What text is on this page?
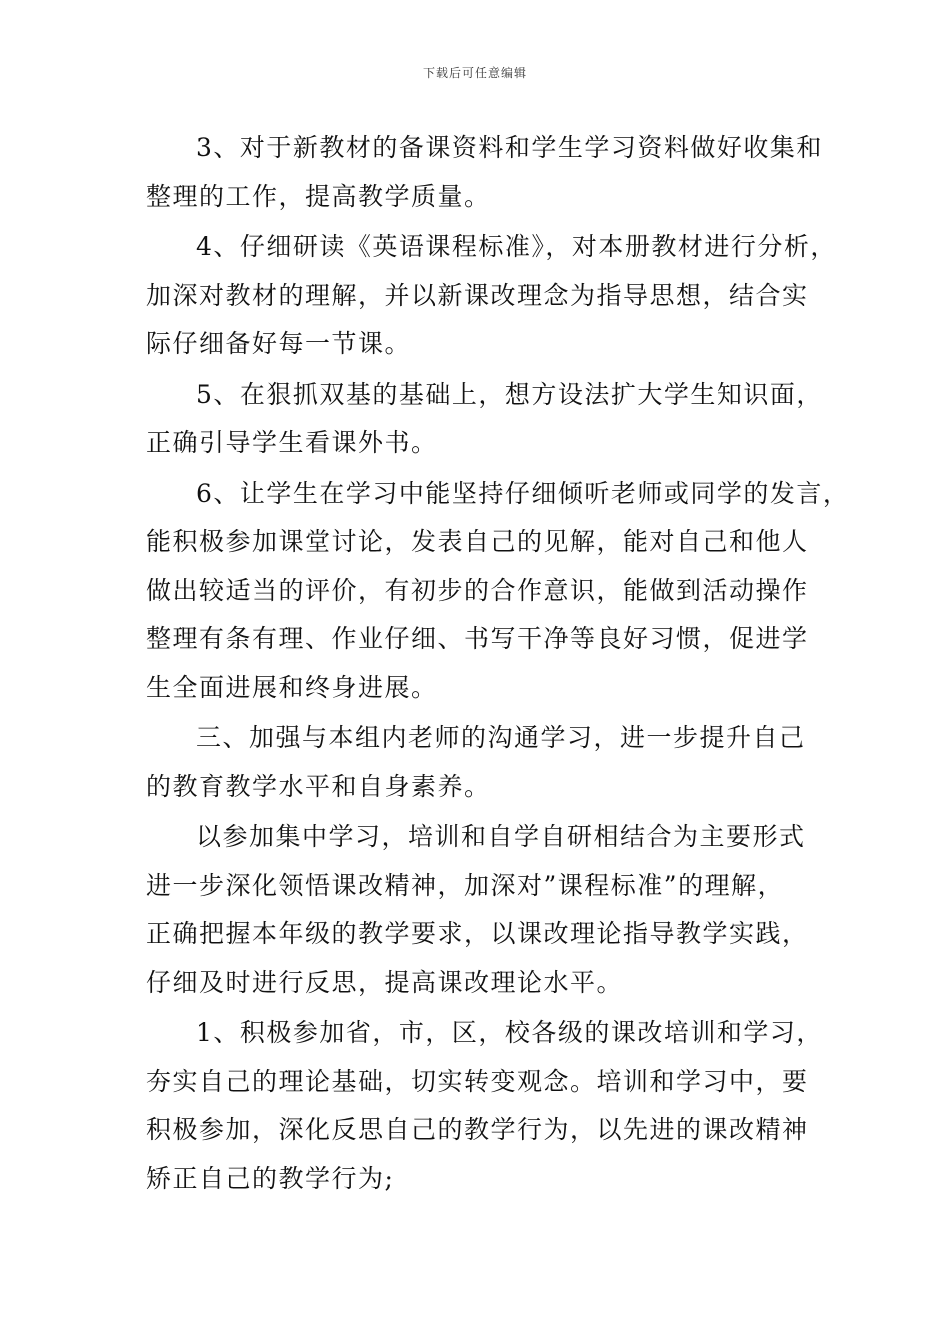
下载后可任意编辑
3、对于新教材的备课资料和学生学习资料做好收集和
整理的工作，提高教学质量。
4、仔细研读《英语课程标准》，对本册教材进行分析，
加深对教材的理解，并以新课改理念为指导思想，结合实
际仔细备好每一节课。
5、在狠抓双基的基础上，想方设法扩大学生知识面，
正确引导学生看课外书。
6、让学生在学习中能坚持仔细倾听老师或同学的发言，
能积极参加课堂讨论，发表自己的见解，能对自己和他人
做出较适当的评价，有初步的合作意识，能做到活动操作
整理有条有理、作业仔细、书写干净等良好习惯，促进学
生全面进展和终身进展。
三、加强与本组内老师的沟通学习，进一步提升自己
的教育教学水平和自身素养。
以参加集中学习，培训和自学自研相结合为主要形式
进一步深化领悟课改精神，加深对”课程标准”的理解，
正确把握本年级的教学要求，以课改理论指导教学实践，
仔细及时进行反思，提高课改理论水平。
1、积极参加省，市，区，校各级的课改培训和学习，
夯实自己的理论基础，切实转变观念。培训和学习中，要
积极参加，深化反思自己的教学行为，以先进的课改精神
矫正自己的教学行为;
